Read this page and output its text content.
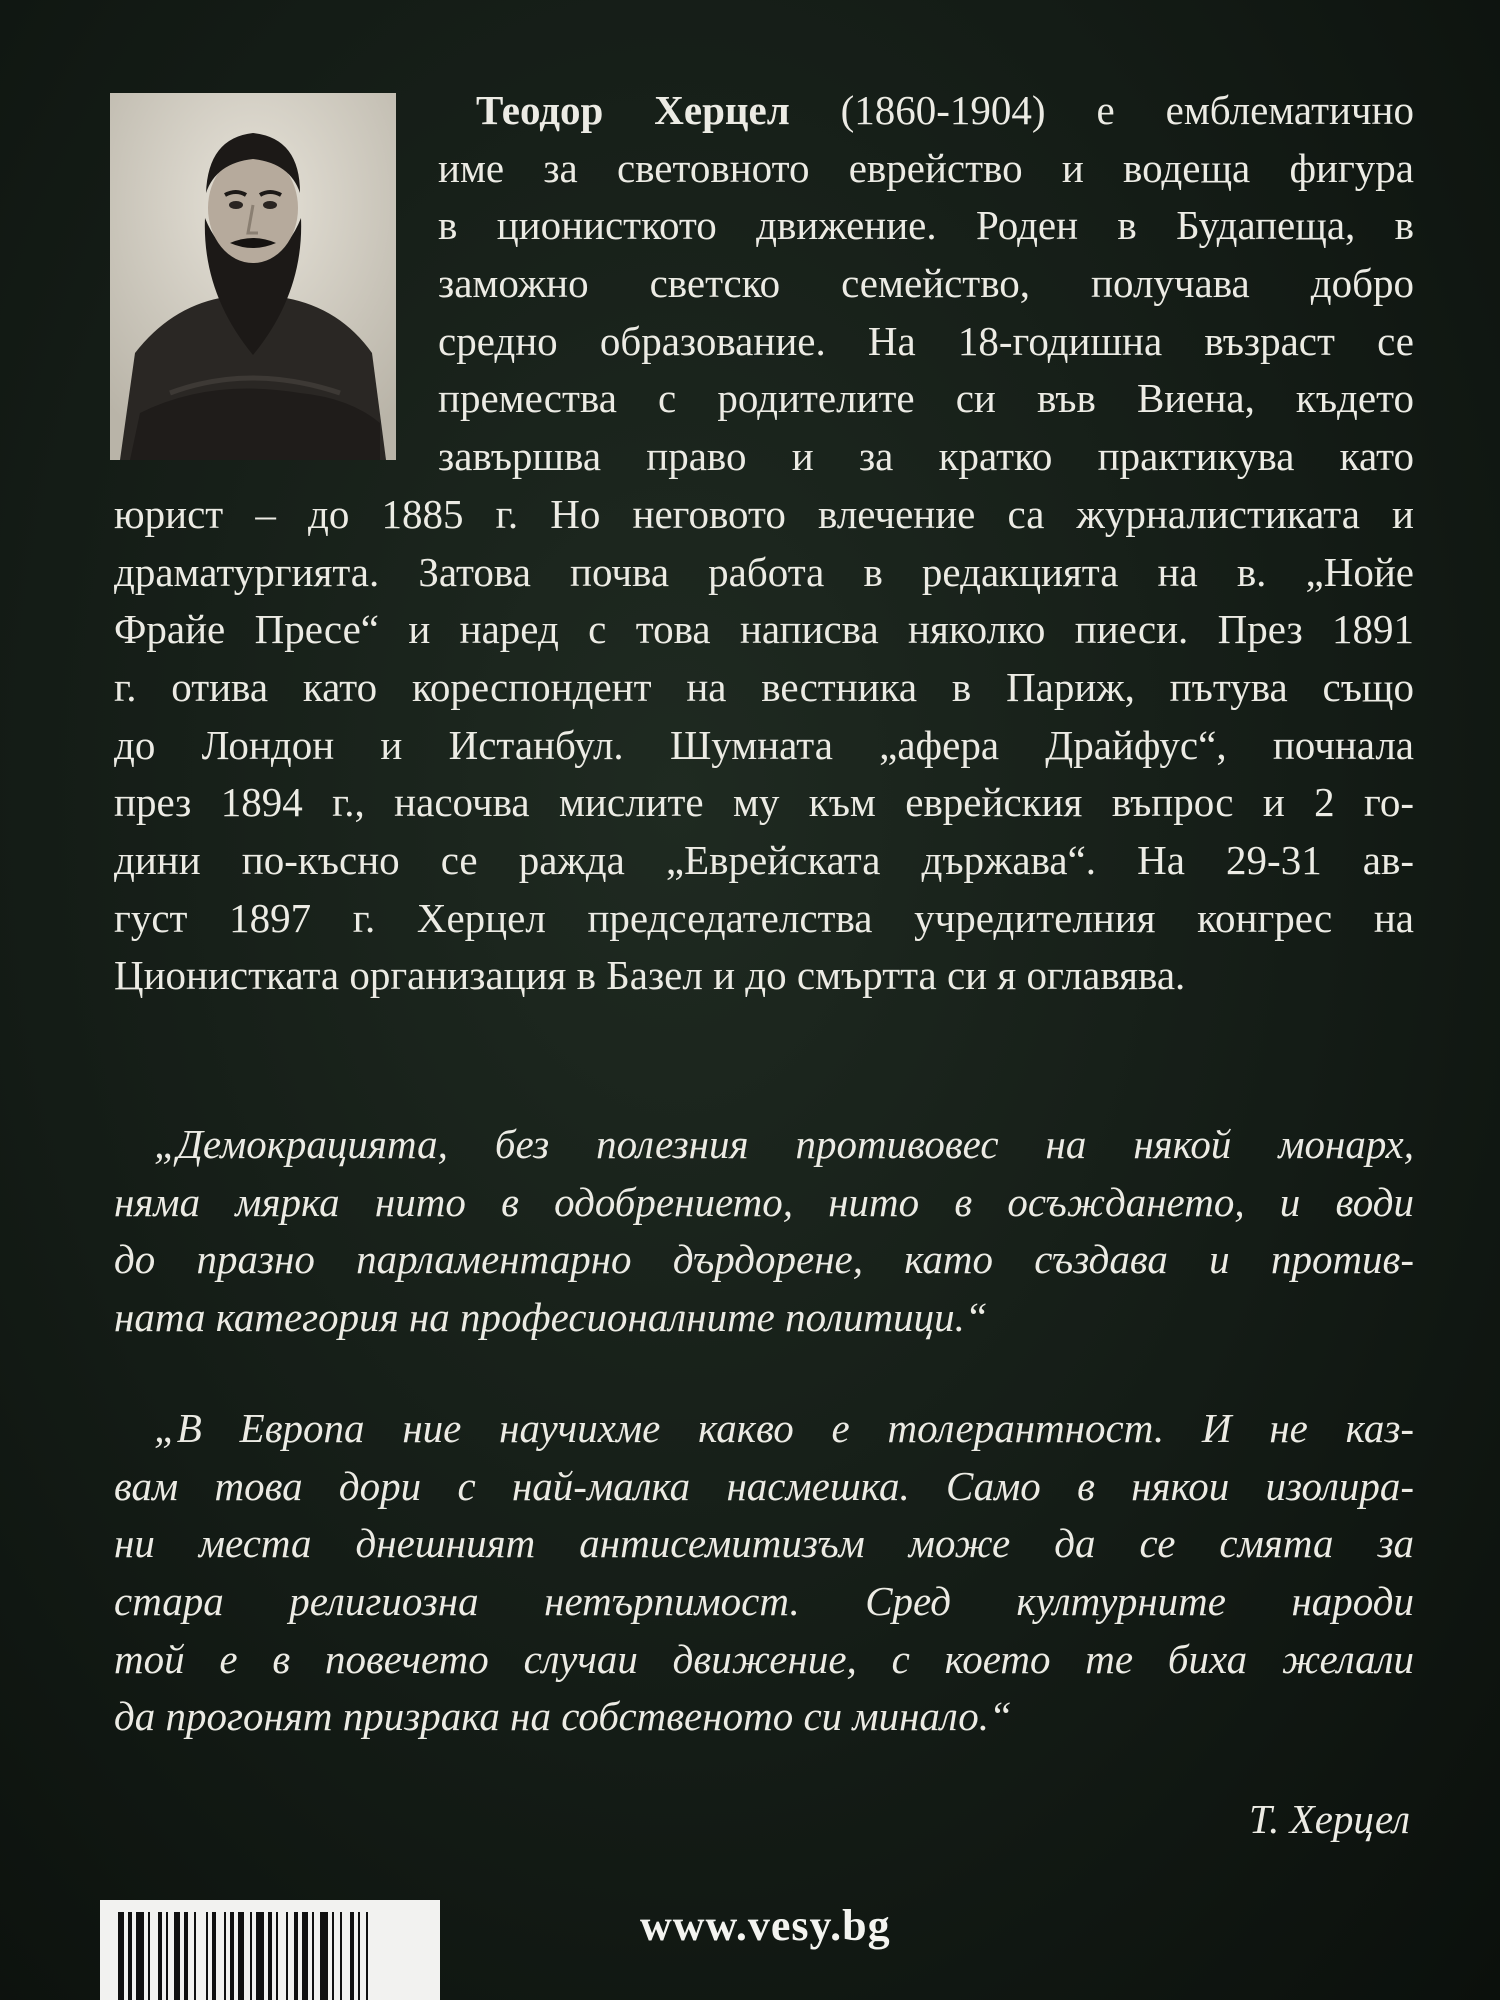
Теодор Херцел (1860-1904) е емблематично
име за световното еврейство и водеща фигура
в ционисткото движение. Роден в Будапеща, в
заможно светско семейство, получава добро
средно образование. На 18-годишна възраст се
премества с родителите си във Виена, където
завършва право и за кратко практикува като
юрист – до 1885 г. Но неговото влечение са журналистиката и
драматургията. Затова почва работа в редакцията на в. „Нойе
Фрайе Пресе“ и наред с това написва няколко пиеси. През 1891
г. отива като кореспондент на вестника в Париж, пътува също
до Лондон и Истанбул. Шумната „афера Драйфус“, почнала
през 1894 г., насочва мислите му към еврейския въпрос и 2 го-
дини по-късно се ражда „Еврейската държава“. На 29-31 ав-
густ 1897 г. Херцел председателства учредителния конгрес на
Ционистката организация в Базел и до смъртта си я оглавява.
„Демокрацията, без полезния противовес на някой монарх,
няма мярка нито в одобрението, нито в осъждането, и води
до празно парламентарно дърдорене, като създава и против-
ната категория на професионалните политици.“
„В Европа ние научихме какво е толерантност. И не каз-
вам това дори с най-малка насмешка. Само в някои изолира-
ни места днешният антисемитизъм може да се смята за
стара религиозна нетърпимост. Сред културните народи
той е в повечето случаи движение, с което те биха желали
да прогонят призрака на собственото си минало.“

Т. Херцел

www.vesy.bg
